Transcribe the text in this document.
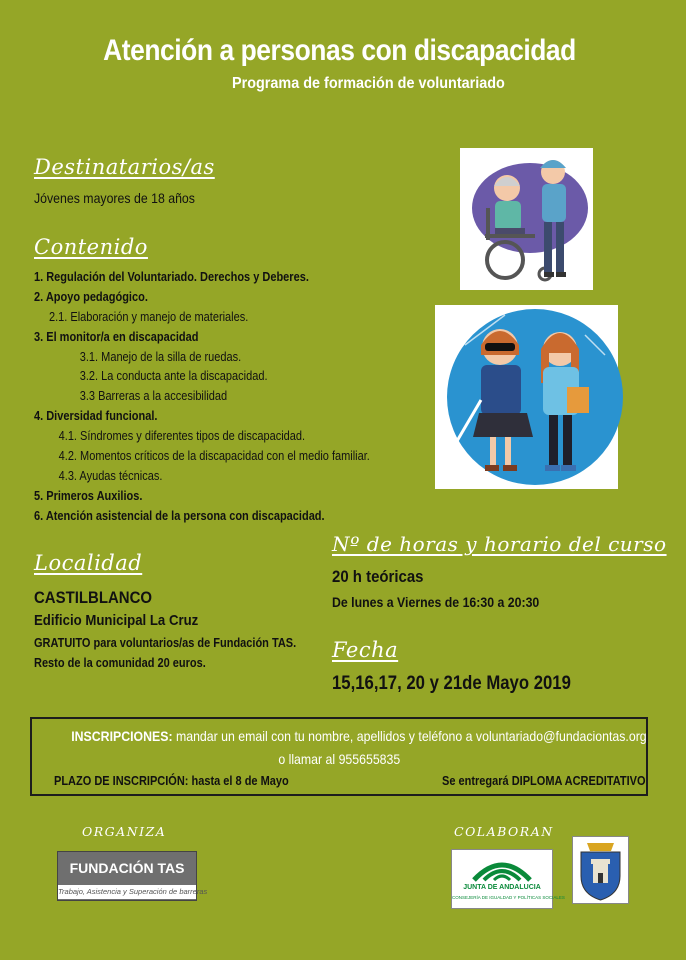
Atención a personas con discapacidad
Programa de formación de voluntariado
Destinatarios/as
Jóvenes mayores de 18 años
Contenido
1. Regulación del Voluntariado. Derechos y Deberes.
2. Apoyo pedagógico.
2.1. Elaboración y manejo de materiales.
3. El monitor/a en discapacidad
3.1. Manejo de la silla de ruedas.
3.2. La conducta ante la discapacidad.
3.3 Barreras a la accesibilidad
4. Diversidad funcional.
4.1. Síndromes y diferentes tipos de discapacidad.
4.2. Momentos críticos de la discapacidad con el medio familiar.
4.3. Ayudas técnicas.
5. Primeros Auxilios.
6. Atención asistencial de la persona con discapacidad.
Localidad
CASTILBLANCO
Edificio Municipal La Cruz
GRATUITO para voluntarios/as de Fundación TAS.
Resto de la comunidad 20 euros.
Nº de horas y horario del curso
20 h teóricas
De lunes a Viernes de 16:30 a 20:30
Fecha
15,16,17, 20 y 21de Mayo 2019
INSCRIPCIONES: mandar un email con tu nombre, apellidos y teléfono a voluntariado@fundaciontas.org
o llamar al 955655835
PLAZO DE INSCRIPCIÓN: hasta el 8 de Mayo	Se entregará DIPLOMA ACREDITATIVO
ORGANIZA	COLABORAN
FUNDACIÓN TAS
Trabajo, Asistencia y Superación de barreras	JUNTA DE ANDALUCIA
CONSEJERÍA DE IGUALDAD Y POLÍTICAS SOCIALES
